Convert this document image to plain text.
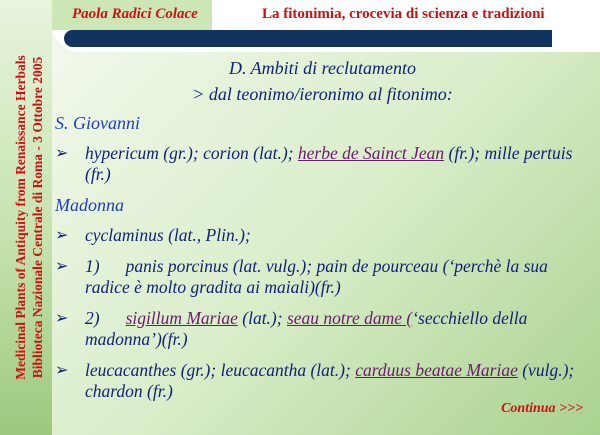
Medicinal Plants of Antiquity from Renaissance Herbals Biblioteca Nazionale Centrale di Roma - 3 Ottobre 2005
Paola Radici Colace	La fitonimia, crocevia di scienza e tradizioni
D. Ambiti di reclutamento
> dal teonimo/ieronimo al fitonimo:
S. Giovanni
➢ hypericum (gr.); corion (lat.); herbe de Sainct Jean (fr.); mille pertuis (fr.)
Madonna
➢ cyclaminus (lat., Plin.);
➢ 1) panis porcinus (lat. vulg.); pain de pourceau (‘perchè la sua radice è molto gradita ai maiali)(fr.)
➢ 2) sigillum Mariae (lat.); seau notre dame (‘secchiello della madonna’)(fr.)
➢ leucacanthes (gr.); leucacantha (lat.); carduus beatae Mariae (vulg.); chardon (fr.)
Continua >>>
